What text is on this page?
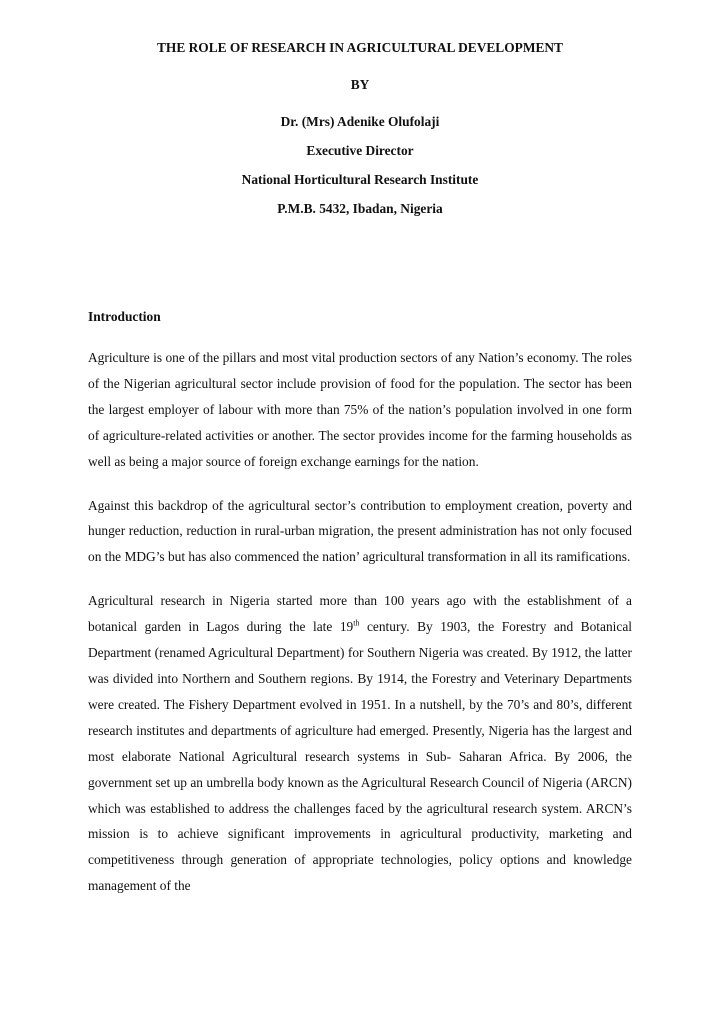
THE ROLE OF RESEARCH IN AGRICULTURAL DEVELOPMENT

BY

Dr. (Mrs) Adenike Olufolaji

Executive Director

National Horticultural Research Institute

P.M.B. 5432, Ibadan, Nigeria

Introduction

Agriculture is one of the pillars and most vital production sectors of any Nation’s economy. The roles of the Nigerian agricultural sector include provision of food for the population. The sector has been the largest employer of labour with more than 75% of the nation’s population involved in one form of agriculture-related activities or another. The sector provides income for the farming households as well as being a major source of foreign exchange earnings for the nation.

Against this backdrop of the agricultural sector’s contribution to employment creation, poverty and hunger reduction, reduction in rural-urban migration, the present administration has not only focused on the MDG’s but has also commenced the nation’ agricultural transformation in all its ramifications.

Agricultural research in Nigeria started more than 100 years ago with the establishment of a botanical garden in Lagos during the late 19th century. By 1903, the Forestry and Botanical Department (renamed Agricultural Department) for Southern Nigeria was created. By 1912, the latter was divided into Northern and Southern regions. By 1914, the Forestry and Veterinary Departments were created. The Fishery Department evolved in 1951. In a nutshell, by the 70’s and 80’s, different research institutes and departments of agriculture had emerged. Presently, Nigeria has the largest and most elaborate National Agricultural research systems in Sub- Saharan Africa. By 2006, the government set up an umbrella body known as the Agricultural Research Council of Nigeria (ARCN) which was established to address the challenges faced by the agricultural research system. ARCN’s mission is to achieve significant improvements in agricultural productivity, marketing and competitiveness through generation of appropriate technologies, policy options and knowledge management of the
